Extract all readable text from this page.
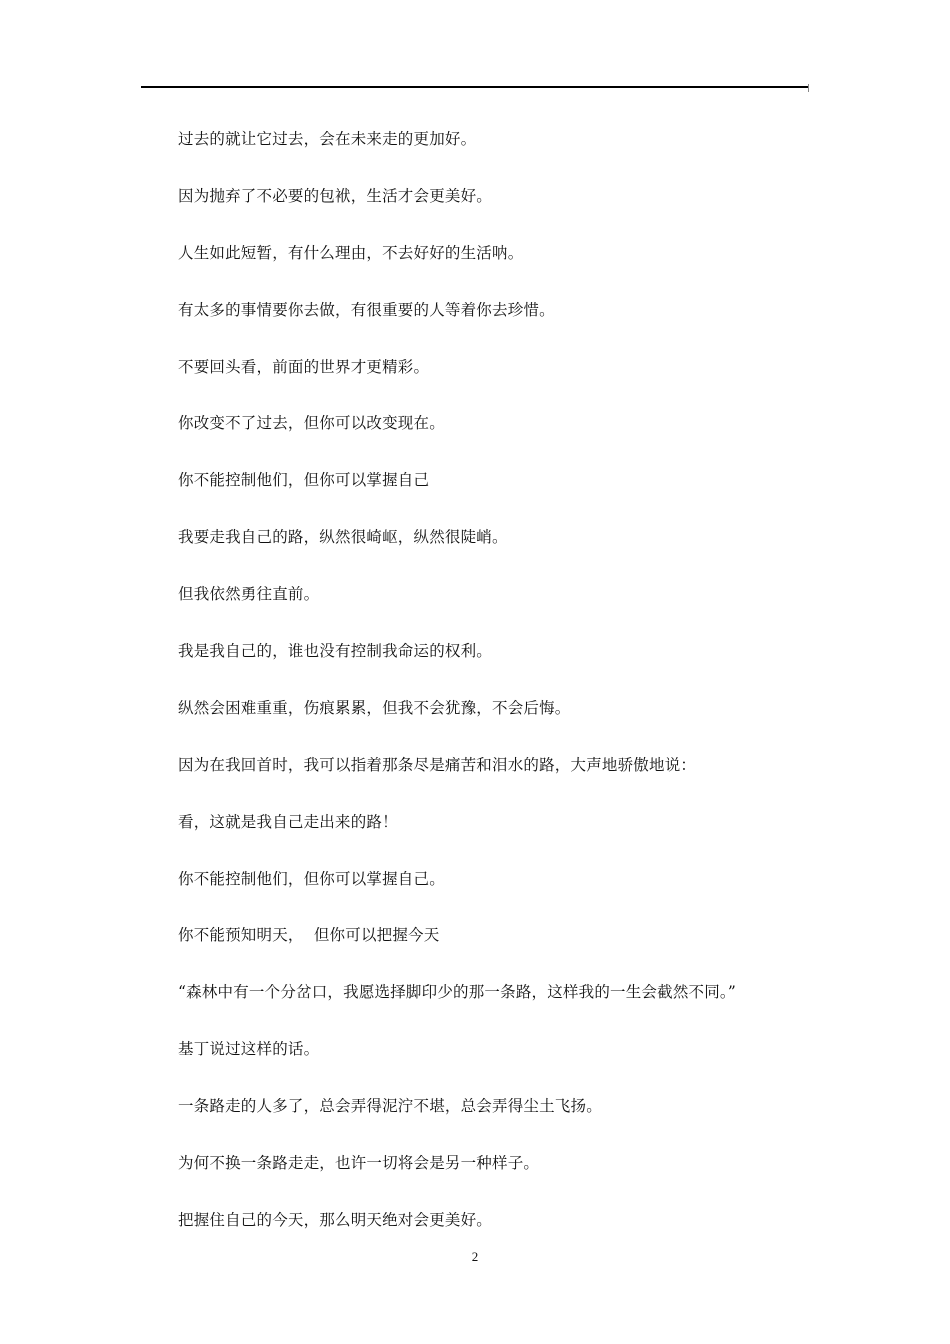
过去的就让它过去，会在未来走的更加好。
因为抛弃了不必要的包袱，生活才会更美好。
人生如此短暂，有什么理由，不去好好的生活呐。
有太多的事情要你去做，有很重要的人等着你去珍惜。
不要回头看，前面的世界才更精彩。
你改变不了过去，但你可以改变现在。
你不能控制他们，但你可以掌握自己
我要走我自己的路，纵然很崎岖，纵然很陡峭。
但我依然勇往直前。
我是我自己的，谁也没有控制我命运的权利。
纵然会困难重重，伤痕累累，但我不会犹豫，不会后悔。
因为在我回首时，我可以指着那条尽是痛苦和泪水的路，大声地骄傲地说：
看，这就是我自己走出来的路！
你不能控制他们，但你可以掌握自己。
你不能预知明天，  但你可以把握今天
“森林中有一个分岔口，我愿选择脚印少的那一条路，这样我的一生会截然不同。”
基丁说过这样的话。
一条路走的人多了，总会弄得泥泞不堪，总会弄得尘土飞扬。
为何不换一条路走走，也许一切将会是另一种样子。
把握住自己的今天，那么明天绝对会更美好。
2
